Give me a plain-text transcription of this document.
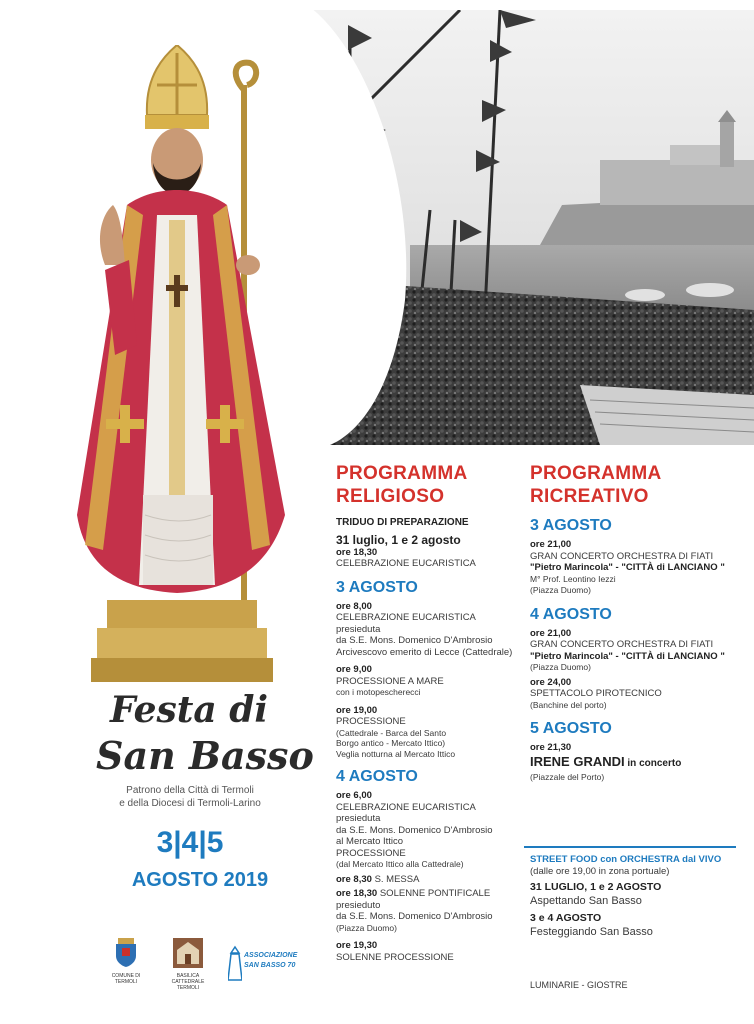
Festa di
San Basso
Patrono della Città di Termoli
e della Diocesi di Termoli-Larino
3|4|5
AGOSTO 2019
COMUNE DI
TERMOLI
BASILICA CATTEDRALE
TERMOLI
ASSOCIAZIONE
SAN BASSO 70
PROGRAMMA
RELIGIOSO
TRIDUO DI PREPARAZIONE
31 luglio, 1 e 2 agosto
ore 18,30
CELEBRAZIONE EUCARISTICA
3 AGOSTO
ore 8,00
CELEBRAZIONE EUCARISTICA
presieduta
da S.E. Mons. Domenico D'Ambrosio
Arcivescovo emerito di Lecce (Cattedrale)
ore 9,00
PROCESSIONE A MARE
con i motopescherecci
ore 19,00
PROCESSIONE
(Cattedrale - Barca del Santo
Borgo antico - Mercato Ittico)
Veglia notturna al Mercato Ittico
4 AGOSTO
ore 6,00
CELEBRAZIONE EUCARISTICA
presieduta
da S.E. Mons. Domenico D'Ambrosio
al Mercato Ittico
PROCESSIONE
(dal Mercato Ittico alla Cattedrale)
ore 8,30 S. MESSA
ore 18,30 SOLENNE PONTIFICALE
presieduto
da S.E. Mons. Domenico D'Ambrosio
(Piazza Duomo)
ore 19,30
SOLENNE PROCESSIONE
PROGRAMMA
RICREATIVO
3 AGOSTO
ore 21,00
GRAN CONCERTO ORCHESTRA DI FIATI
"Pietro Marincola" - "CITTÀ di LANCIANO "
M° Prof. Leontino Iezzi
(Piazza Duomo)
4 AGOSTO
ore 21,00
GRAN CONCERTO ORCHESTRA DI FIATI
"Pietro Marincola" - "CITTÀ di LANCIANO "
(Piazza Duomo)
ore 24,00
SPETTACOLO PIROTECNICO
(Banchine del porto)
5 AGOSTO
ore 21,30
IRENE GRANDI in concerto
(Piazzale del Porto)
STREET FOOD con ORCHESTRA dal VIVO
(dalle ore 19,00 in zona portuale)
31 LUGLIO, 1 e 2 AGOSTO
Aspettando San Basso
3 e 4 AGOSTO
Festeggiando San Basso
LUMINARIE - GIOSTRE
